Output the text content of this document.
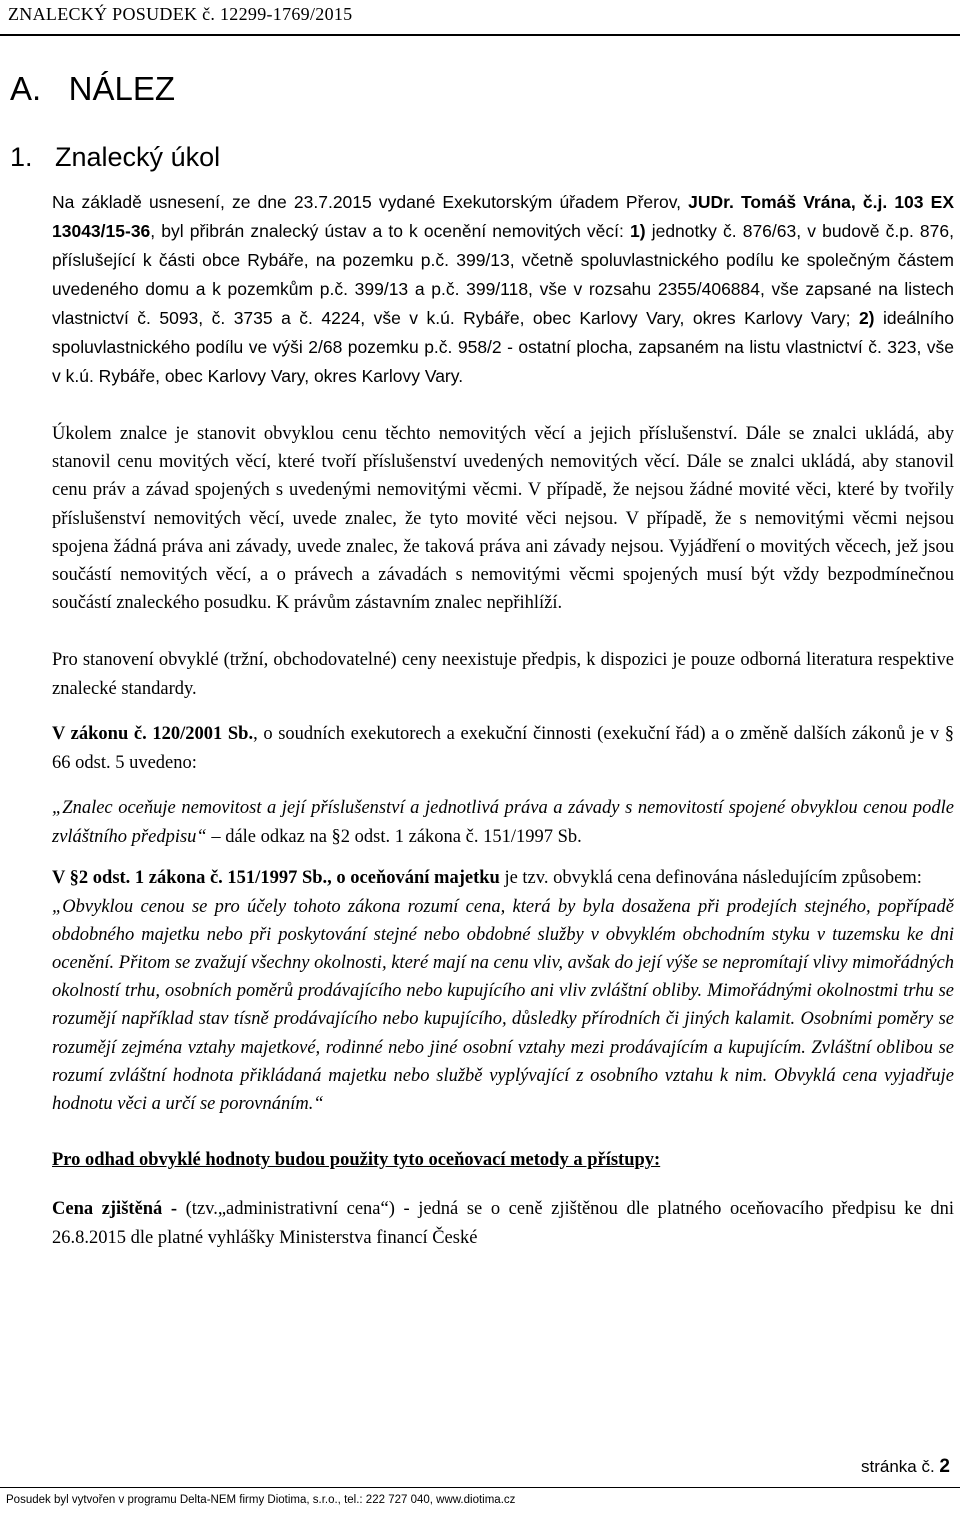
ZNALECKÝ POSUDEK č. 12299-1769/2015
A.   NÁLEZ
1.   Znalecký úkol

Na základě usnesení, ze dne 23.7.2015 vydané Exekutorským úřadem Přerov, JUDr. Tomáš Vrána, č.j. 103 EX 13043/15-36, byl přibrán znalecký ústav a to k ocenění nemovitých věcí: 1) jednotky č. 876/63, v budově č.p. 876, příslušející k části obce Rybáře, na pozemku p.č. 399/13, včetně spoluvlastnického podílu ke společným částem uvedeného domu a k pozemkům p.č. 399/13 a p.č. 399/118, vše v rozsahu 2355/406884, vše zapsané na listech vlastnictví č. 5093, č. 3735 a č. 4224, vše v k.ú. Rybáře, obec Karlovy Vary, okres Karlovy Vary; 2) ideálního spoluvlastnického podílu ve výši 2/68 pozemku p.č. 958/2 - ostatní plocha, zapsaném na listu vlastnictví č. 323, vše v k.ú. Rybáře, obec Karlovy Vary, okres Karlovy Vary.

Úkolem znalce je stanovit obvyklou cenu těchto nemovitých věcí a jejich příslušenství. Dále se znalci ukládá, aby stanovil cenu movitých věcí, které tvoří příslušenství uvedených nemovitých věcí. Dále se znalci ukládá, aby stanovil cenu práv a závad spojených s uvedenými nemovitými věcmi. V případě, že nejsou žádné movité věci, které by tvořily příslušenství nemovitých věcí, uvede znalec, že tyto movité věci nejsou. V případě, že s nemovitými věcmi nejsou spojena žádná práva ani závady, uvede znalec, že taková práva ani závady nejsou. Vyjádření o movitých věcech, jež jsou součástí nemovitých věcí, a o právech a závadách s nemovitými věcmi spojených musí být vždy bezpodmínečnou součástí znaleckého posudku. K právům zástavním znalec nepřihlíží.

Pro stanovení obvyklé (tržní, obchodovatelné) ceny neexistuje předpis, k dispozici je pouze odborná literatura respektive znalecké standardy.

V zákonu č. 120/2001 Sb., o soudních exekutorech a exekuční činnosti (exekuční řád) a o změně dalších zákonů je v § 66 odst. 5 uvedeno:

„Znalec oceňuje nemovitost a její příslušenství a jednotlivá práva a závady s nemovitostí spojené obvyklou cenou podle zvláštního předpisu“ – dále odkaz na §2 odst. 1 zákona č. 151/1997 Sb.

V §2 odst. 1 zákona č. 151/1997 Sb., o oceňování majetku je tzv. obvyklá cena definována následujícím způsobem:
„Obvyklou cenou se pro účely tohoto zákona rozumí cena, která by byla dosažena při prodejích stejného, popřípadě obdobného majetku nebo při poskytování stejné nebo obdobné služby v obvyklém obchodním styku v tuzemsku ke dni ocenění. Přitom se zvažují všechny okolnosti, které mají na cenu vliv, avšak do její výše se nepromítají vlivy mimořádných okolností trhu, osobních poměrů prodávajícího nebo kupujícího ani vliv zvláštní obliby. Mimořádnými okolnostmi trhu se rozumějí například stav tísně prodávajícího nebo kupujícího, důsledky přírodních či jiných kalamit. Osobními poměry se rozumějí zejména vztahy majetkové, rodinné nebo jiné osobní vztahy mezi prodávajícím a kupujícím. Zvláštní oblibou se rozumí zvláštní hodnota přikládaná majetku nebo službě vyplývající z osobního vztahu k nim. Obvyklá cena vyjadřuje hodnotu věci a určí se porovnáním.“

Pro odhad obvyklé hodnoty budou použity tyto oceňovací metody a přístupy:

Cena zjištěná - (tzv.„administrativní cena“) - jedná se o ceně zjištěnou dle platného oceňovacího předpisu ke dni 26.8.2015 dle platné vyhlášky Ministerstva financí České

stránka č. 2
Posudek byl vytvořen v programu Delta-NEM firmy Diotima, s.r.o., tel.: 222 727 040, www.diotima.cz
